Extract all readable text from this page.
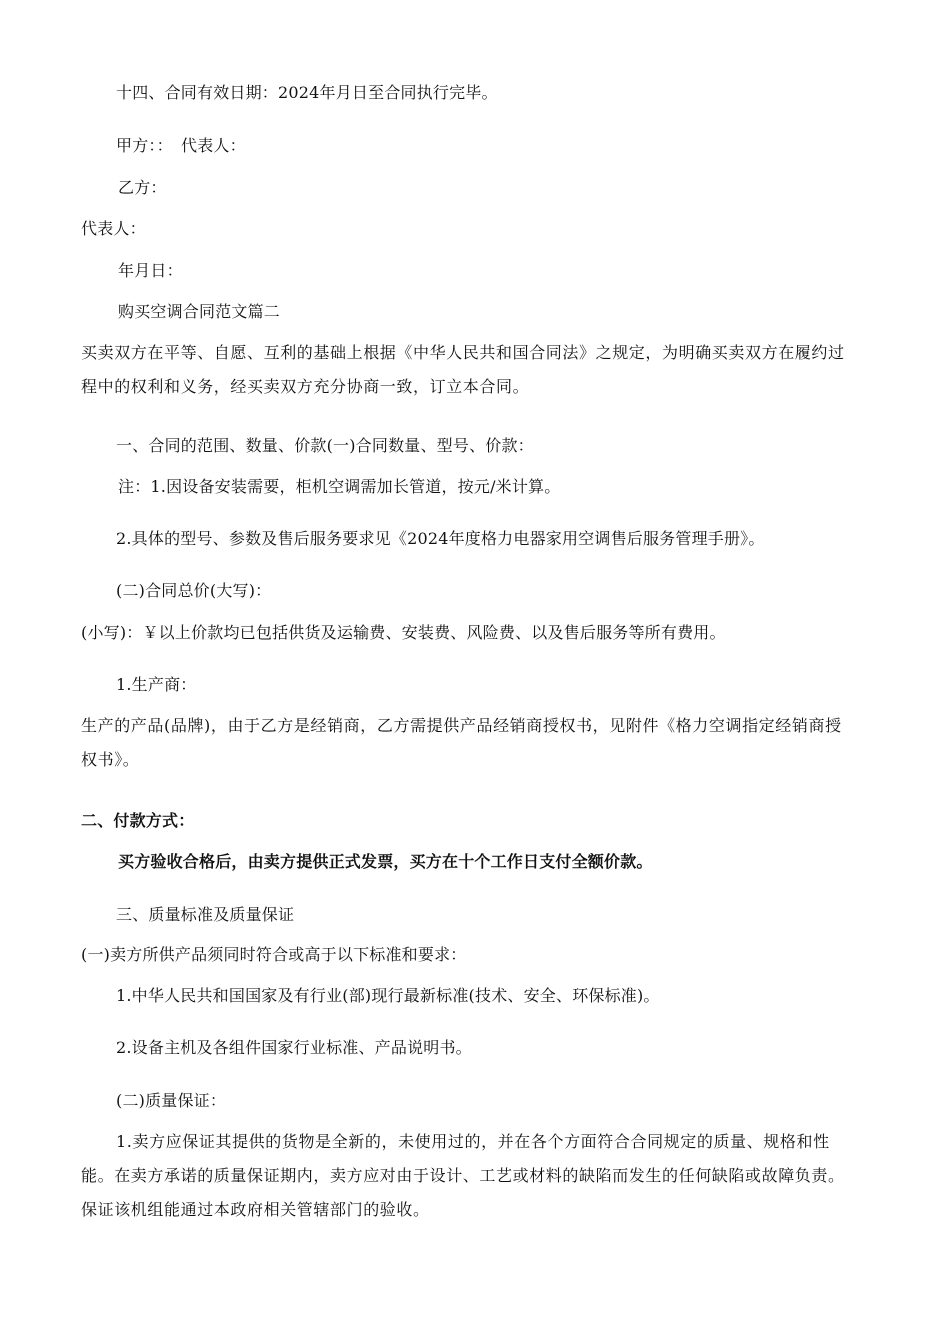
十四、合同有效日期：2024年月日至合同执行完毕。
甲方：：　代表人：
乙方：
代表人：
年月日：
购买空调合同范文篇二
买卖双方在平等、自愿、互利的基础上根据《中华人民共和国合同法》之规定，为明确买卖双方在履约过程中的权利和义务，经买卖双方充分协商一致，订立本合同。
一、合同的范围、数量、价款(一)合同数量、型号、价款：
注：1.因设备安装需要，柜机空调需加长管道，按元/米计算。
2.具体的型号、参数及售后服务要求见《2024年度格力电器家用空调售后服务管理手册》。
(二)合同总价(大写)：
(小写)：￥以上价款均已包括供货及运输费、安装费、风险费、以及售后服务等所有费用。
1.生产商：
生产的产品(品牌)，由于乙方是经销商，乙方需提供产品经销商授权书，见附件《格力空调指定经销商授权书》。
二、付款方式：
买方验收合格后，由卖方提供正式发票，买方在十个工作日支付全额价款。
三、质量标准及质量保证
(一)卖方所供产品须同时符合或高于以下标准和要求：
1.中华人民共和国国家及有行业(部)现行最新标准(技术、安全、环保标准)。
2.设备主机及各组件国家行业标准、产品说明书。
(二)质量保证：
1.卖方应保证其提供的货物是全新的，未使用过的，并在各个方面符合合同规定的质量、规格和性能。在卖方承诺的质量保证期内，卖方应对由于设计、工艺或材料的缺陷而发生的任何缺陷或故障负责。保证该机组能通过本政府相关管辖部门的验收。
